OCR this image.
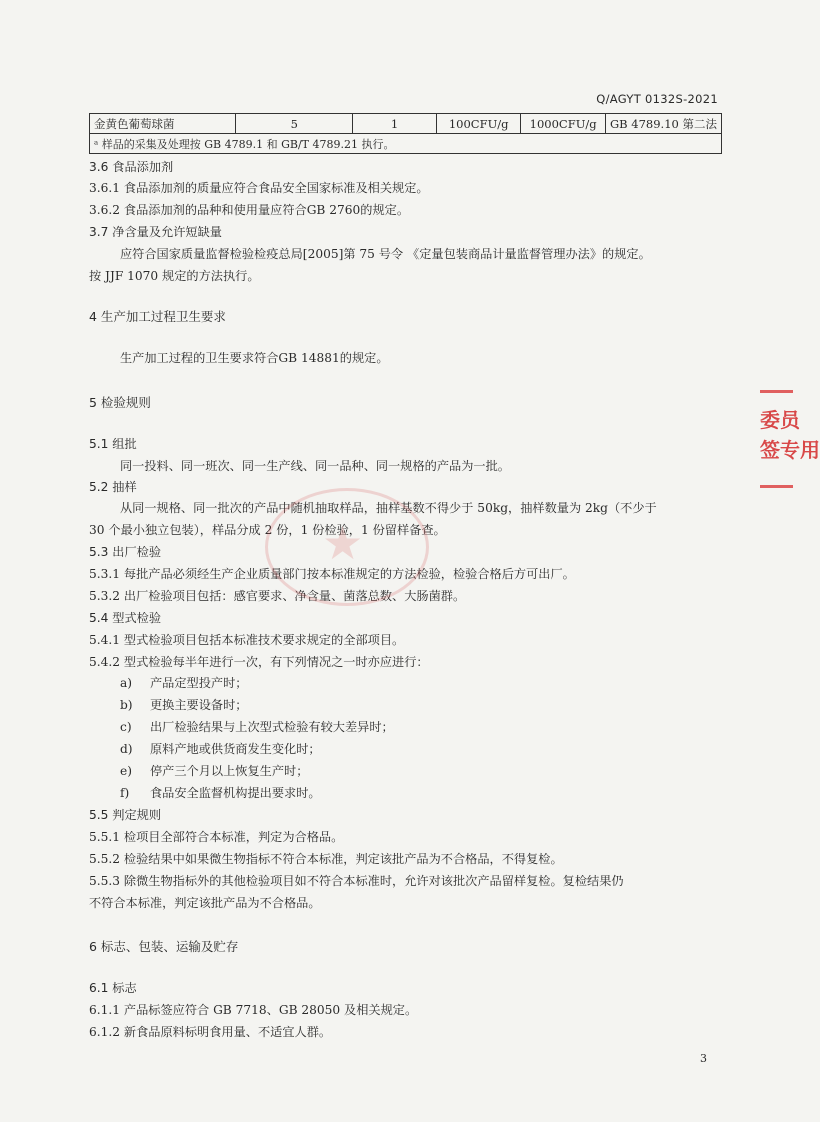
Q/AGYT 0132S-2021
金黄色葡萄球菌	5	1	100CFU/g	1000CFU/g	GB 4789.10 第二法
ᵃ 样品的采集及处理按 GB 4789.1 和 GB/T 4789.21 执行。
3.6 食品添加剂
3.6.1 食品添加剂的质量应符合食品安全国家标准及相关规定。
3.6.2 食品添加剂的品种和使用量应符合GB 2760的规定。
3.7 净含量及允许短缺量
应符合国家质量监督检验检疫总局[2005]第 75 号令 《定量包装商品计量监督管理办法》的规定。
按 JJF 1070 规定的方法执行。
4 生产加工过程卫生要求
生产加工过程的卫生要求符合GB 14881的规定。
5 检验规则
5.1 组批
同一投料、同一班次、同一生产线、同一品种、同一规格的产品为一批。
5.2 抽样
从同一规格、同一批次的产品中随机抽取样品，抽样基数不得少于 50kg，抽样数量为 2kg（不少于
30 个最小独立包装），样品分成 2 份，1 份检验，1 份留样备查。
5.3 出厂检验
5.3.1 每批产品必须经生产企业质量部门按本标准规定的方法检验，检验合格后方可出厂。
5.3.2 出厂检验项目包括：感官要求、净含量、菌落总数、大肠菌群。
5.4 型式检验
5.4.1 型式检验项目包括本标准技术要求规定的全部项目。
5.4.2 型式检验每半年进行一次，有下列情况之一时亦应进行：
a) 产品定型投产时；
b) 更换主要设备时；
c) 出厂检验结果与上次型式检验有较大差异时；
d) 原料产地或供货商发生变化时；
e) 停产三个月以上恢复生产时；
f) 食品安全监督机构提出要求时。
5.5 判定规则
5.5.1 检项目全部符合本标准，判定为合格品。
5.5.2 检验结果中如果微生物指标不符合本标准，判定该批产品为不合格品，不得复检。
5.5.3 除微生物指标外的其他检验项目如不符合本标准时，允许对该批次产品留样复检。复检结果仍
不符合本标准，判定该批产品为不合格品。
6 标志、包装、运输及贮存
6.1 标志
6.1.1 产品标签应符合 GB 7718、GB 28050 及相关规定。
6.1.2 新食品原料标明食用量、不适宜人群。
3
★
委员
签专用
